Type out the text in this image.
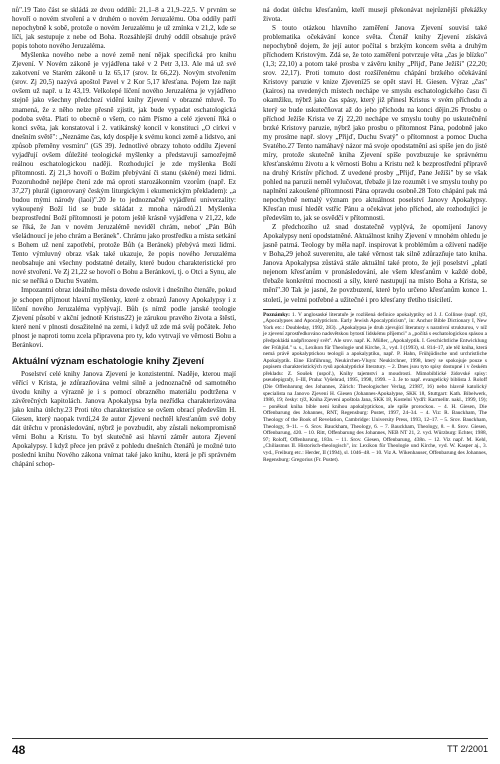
nů".19 Tato část se skládá ze dvou oddílů: 21,1–8 a 21,9–22,5. V prvním se hovoří o novém stvoření a v druhém o novém Jeruzalému. Oba oddíly patří nepochybně k sobě, protože o novém Jeruzalému je už zmínka v 21,2, kde se líčí, jak sestupuje z nebe od Boha. Rozsáhlejší druhý oddíl obsahuje právě popis tohoto nového Jeruzaléma.

Myšlenka nového nebe a nové země není nějak specifická pro knihu Zjevení. V Novém zákoně je vyjádřena také v 2 Petr 3,13. Ale má už své zakotvení ve Starém zákoně u Iz 65,17 (srov. Iz 66,22). Novým stvořením (srov. Zj 20,5) nazývá apoštol Pavel v 2 Kor 5,17 křesťana. Pojem Ize najít ovšem už např. u Iz 43,19. Velkolepé líčení nového Jeruzaléma je vyjádřeno stejně jako všechny předchozí vidění knihy Zjevení v obrazné mluvě. To znamená, že z něho nelze přesně zjistit, jak bude vypadat eschatologická podoba světa. Platí to obecně o všem, co nám Písmo a celé zjevení říká o konci světa, jak konstatoval i 2. vatikánský koncil v konstituci „O církvi v dnešním světě": „Neznáme čas, kdy dospěje k svému konci země a lidstvo, ani způsob přeměny vesmíru" (GS 39). Jednotlivé obrazy tohoto oddílu Zjevení vyjadřují ovšem důležité teologické myšlenky a představují samozřejmě reálnou eschatologickou naději. Rozhodující je zde myšlenka Boží přítomnosti. Zj 21,3 hovoří o Božím přebývání či stanu (skéné) mezi lidmi. Pozoruhodně nejlépe čtení zde má oproti starozákonním vzorům (např. Ez 37,27) plurál (ignorovaný českým liturgickým i ekumenickým překladem): „a budou mými národy (laoi)".20 Je to jednoznačně vyjádření univerzality: vykoupený Boží lid se bude skládat z mnoha národů.21 Myšlenka bezprostřední Boží přítomnosti je potom ještě krásně vyjádřena v 21,22, kde se říká, že Jan v novém Jeruzalémě neviděl chrám, neboť „Pán Bůh všeládnoucí je jeho chrám a Beránek". Chrámu jako prostředku a místa setkání s Bohem už není zapotřebí, protože Bůh (a Beránek) přebývá mezi lidmi. Tento výmluvný obraz však také ukazuje, že popis nového Jeruzaléma neobsahuje ani všechny podstatné detaily, které budou charakteristické pro nové stvoření. Ve Zj 21,22 se hovoří o Bohu a Beránkovi, tj. o Otci a Synu, ale nic se neříká o Duchu Svatém.

Impozantní obraz ideálního města dovede oslovit i dnešního čtenáře, pokud je schopen přijmout hlavní myšlenky, které z obrazů Janovy Apokalypsy i z líčení nového Jeruzaléma vyplývají. Bůh (s nímž podle janské teologie Zjevení působí v akční jednotě Kristus22) je zárukou pravého života a štěstí, které není v plnosti dosažitelné na zemi, i když už zde má svůj počátek. Jeho plnost je naproti tomu zcela připravena pro ty, kdo vytrvají ve věrnosti Bohu a Beránkovi.

Aktuální význam eschatologie knihy Zjevení

Poselství celé knihy Janova Zjevení je konzistentní. Naděje, kterou mají věřící v Krista, je zdůrazňována velmi silně a jednoznačně od samotného úvodu knihy a výrazně je i s pomocí obrazného materiálu podtržena v závěrečných kapitolách. Janova Apokalypsa byla nezřídka charakterizována jako kniha útěchy.23 Proti této charakteristice se ovšem obrací především H. Giesen, který naopak tvrdí,24 že autor Zjevení nechtěl křesťanům své doby dát útěchu v pronásledování, nýbrž je povzbudit, aby zůstali nekompromisně věrni Bohu a Kristu. To byl skutečně asi hlavní záměr autora Zjevení Apokalypsy. I když přece jen právě z pohledu dnešních čtenářů je možné tuto poslední knihu Nového zákona vnímat také jako knihu, která je při správném chápání schop-

ná dodat útěchu křesťanům, kteří musejí překonávat nejrůznější překážky života.

S touto otázkou hlavního zaměření Janova Zjevení souvisí také problematika očekávání konce světa. Čtenář knihy Zjevení získává nepochybně dojem, že její autor počítal s brzkým koncem světa a druhým příchodem Kristovým. Zdá se, že toto zaměření potvrzuje věta „čas je blízko" (1,3; 22,10) a potom také prosba v závěru knihy „Přijď, Pane Ježíši" (22,20; srov. 22,17). Proti tomuto dost rozšířenému chápání brzkého očekávání Kristovy paruzie v knize Zjevení25 se opět staví H. Giesen. Výraz „čas" (kairos) na uvedených místech nechápe ve smyslu eschatologického času či okamžiku, nýbrž jako čas spásy, který již přinesl Kristus v svém příchodu a který se bude uskutečňovat až do jeho příchodu na konci dějin.26 Prosbu o příchod Ježíše Krista ve Zj 22,20 nechápe ve smyslu touhy po uskutečnění brzké Kristovy paruzie, nýbrž jako prosbu o přítomnost Pána, podobně jako my prosíme např. slovy „Přijď, Duchu Svatý" o přítomnost a pomoc Ducha Svatého.27 Tento namáhavý názor má svoje opodstatnění asi spíše jen do jisté míry, protože skutečně kniha Zjevení spíše povzbuzuje ke správnému křesťanskému životu a k věrnosti Bohu a Kristu než k bezprostřední přípravě na druhý Kristův příchod. Z uvedené prosby „Přijď, Pane Ježíši" by se však pohled na paruzii neměl vylučovat, třebaže ji lze rozumět i ve smyslu touhy po naplnění zakoušené přítomnosti Pána opravdu osobně.28 Toto chápání pak má nepochybně nemalý význam pro aktuálnost poselství Janovy Apokalypsy. Křesťan musí hledět vstříc Pánu a očekávat jeho příchod, ale rozhodující je především to, jak se osvědčí v přítomnosti.

Z předchozího už snad dostatečně vyplývá, že opomíjení Janovy Apokalypsy není opodstatněné. Aktuálnost knihy Zjevení v mnohém ohledu je jasně patrná. Teology by měla např. inspirovat k problémům a ožívení naděje v Boha,29 jehož suverenitu, ale také věrnost tak silně zdůrazňuje tato kniha. Janova Apokalypsa zůstává stále aktuální také proto, že její poselství „platí nejenom křesťanům v pronásledování, ale všem křesťanům v každé době, třebaže konkrétní mocnosti a síly, které nastupují na místo Boha a Krista, se mění".30 Tak je jasné, že povzbuzení, které bylo určeno křesťanům konce 1. století, je velmi potřebné a užitečné i pro křesťany třetího tisíciletí.

Poznámky: 1. V anglosaské literatuře je rozlišená definice apokalyptiky od J. J. Collinse (např. týž, „Apocalypses and Apocalypticism. Early Jewish Apocalypticism", in: Anchor Bible Dictionary I, New York etc.: Doubleday, 1992, 283). „Apokalypsa je druh zjevující literatury s narativní strukturou, v níž je zjevení zprostředkováno nadsvětskou bytostí lidskému příjemci" a „počítá s eschatologickou spásou a předpokládá nadpřirozený svět". Ale srov. např. K. Müller, „Apokalyptik. I. Geschichtliche Entwicklung der Frühjüd." u. s., Lexikon für Theologie und Kirche, 3., vyd. I (1993), sl. 814–17, ale též kniha, která nemá právě apokalyptickou teologii a apokalyptiku, např. P. Hahn, Frühjüdische und urchristliche Apokalyptik. Eine Einführung, Neukirchen-Vluyn: Neukirchner, 1998, který se spokojuje pouze s popisem charakteristických rysů apokalyptické literatury. – 2. Dnes jsou tyto spisy dostupné i v českém překladu: Z. Soušek (uspoř.), Knihy tajemství a moudrosti. Mimobiblické židovské spisy: pseudepigrafy, I–III, Praha: Vyšehrad, 1995, 1998, 1999. – 3. Je to např. evangelický biblista J. Roloff (Die Offenbarung des Johannes, Zürich: Theologischer Verlag, 21987, 16) nebo hlavně katolický specialista na Janovo Zjevení H. Giesen (Johannes-Apokalypse, SKK 18, Stuttgart: Kath. Bibelwerk, 1986, 19; česky: týž, Kniha Zjevení apoštola Jana, SKK 18, Kostelní Vydří: Karmelitr. nakl., 1999, 19); – poněkud kniha bible není knihou apokalyptickou, ale spíše prorockou. – 4. H. Giesen, Die Offenbarung des Johannes, RNT, Regensburg: Pustet, 1997, 24–34. – 4. Viz: R. Bauckham, The Theology of the Book of Revelation, Cambridge: University Press, 1993, 12–17. – 5. Srov. Bauckham, Theology, 9–11. – 6. Srov. Bauckham, Theology, 6. – 7. Bauckham, Theology, 8. – 8. Srov. Giesen, Offenbarung, 420. – 10. Ritt, Offenbarung des Johannes, NEB NT 21, 2. vyd. Würzburg: Echter, 1988, 97; Roloff, Offenbarung, 183n. – 11. Srov. Giesen, Offenbarung, 438n. – 12. Viz např. M. Kehl, „Chiliasmus II. Historisch-theologisch", in: Lexikon für Theologie und Kirche, vyd. W. Kasper aj., 3. vyd., Freiburg etc.: Herder, II (1994), sl. 1046–48. – 10. Viz A. Wikenhauser, Offenbarung des Johannes, Regensburg: Gregorius (Fr. Pustet).
48	TT 2/2001
